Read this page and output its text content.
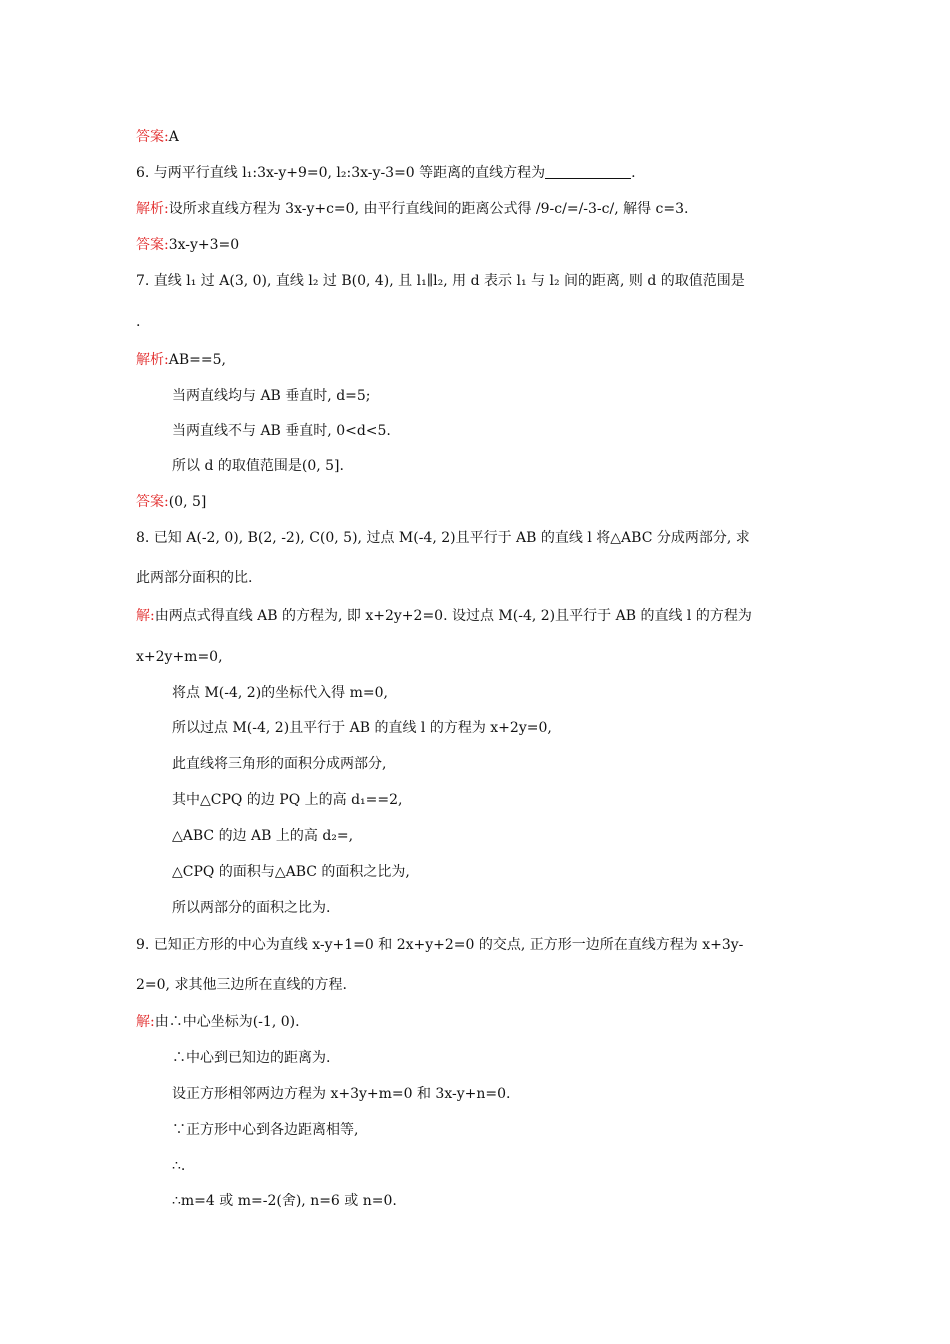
答案:A
6. 与两平行直线 l₁:3x-y+9=0, l₂:3x-y-3=0 等距离的直线方程为	.
解析:设所求直线方程为 3x-y+c=0, 由平行直线间的距离公式得 /9-c/=/-3-c/, 解得 c=3.
答案:3x-y+3=0
7. 直线 l₁ 过 A(3, 0), 直线 l₂ 过 B(0, 4), 且 l₁∥l₂, 用 d 表示 l₁ 与 l₂ 间的距离, 则 d 的取值范围是
.
解析:AB==5,
当两直线均与 AB 垂直时, d=5;
当两直线不与 AB 垂直时, 0<d<5.
所以 d 的取值范围是(0, 5].
答案:(0, 5]
8. 已知 A(-2, 0), B(2, -2), C(0, 5), 过点 M(-4, 2)且平行于 AB 的直线 l 将△ABC 分成两部分, 求
此两部分面积的比.
解:由两点式得直线 AB 的方程为, 即 x+2y+2=0. 设过点 M(-4, 2)且平行于 AB 的直线 l 的方程为
x+2y+m=0,
将点 M(-4, 2)的坐标代入得 m=0,
所以过点 M(-4, 2)且平行于 AB 的直线 l 的方程为 x+2y=0,
此直线将三角形的面积分成两部分,
其中△CPQ 的边 PQ 上的高 d₁==2,
△ABC 的边 AB 上的高 d₂=,
△CPQ 的面积与△ABC 的面积之比为,
所以两部分的面积之比为.
9. 已知正方形的中心为直线 x-y+1=0 和 2x+y+2=0 的交点, 正方形一边所在直线方程为 x+3y-
2=0, 求其他三边所在直线的方程.
解:由∴中心坐标为(-1, 0).
∴中心到已知边的距离为.
设正方形相邻两边方程为 x+3y+m=0 和 3x-y+n=0.
∵正方形中心到各边距离相等,
∴.
∴m=4 或 m=-2(舍), n=6 或 n=0.
